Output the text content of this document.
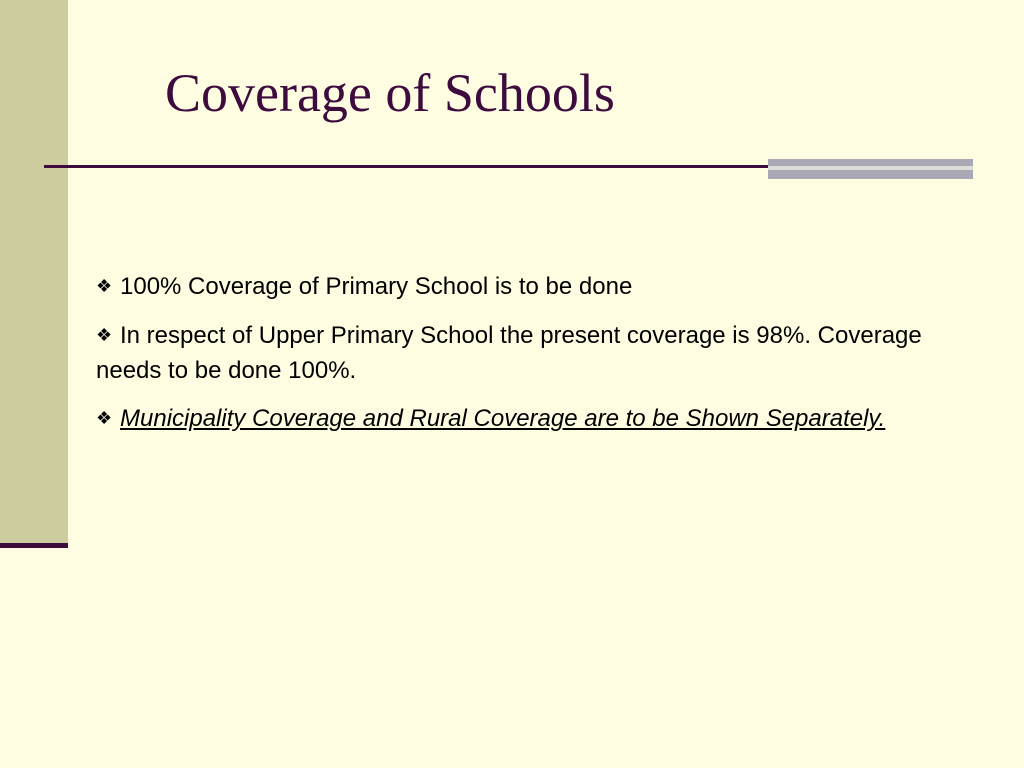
Coverage of Schools
❖ 100% Coverage of Primary School is to be done
❖ In respect of Upper Primary School the present coverage is 98%. Coverage needs to be done 100%.
❖ Municipality Coverage and Rural Coverage are to be Shown Separately.
